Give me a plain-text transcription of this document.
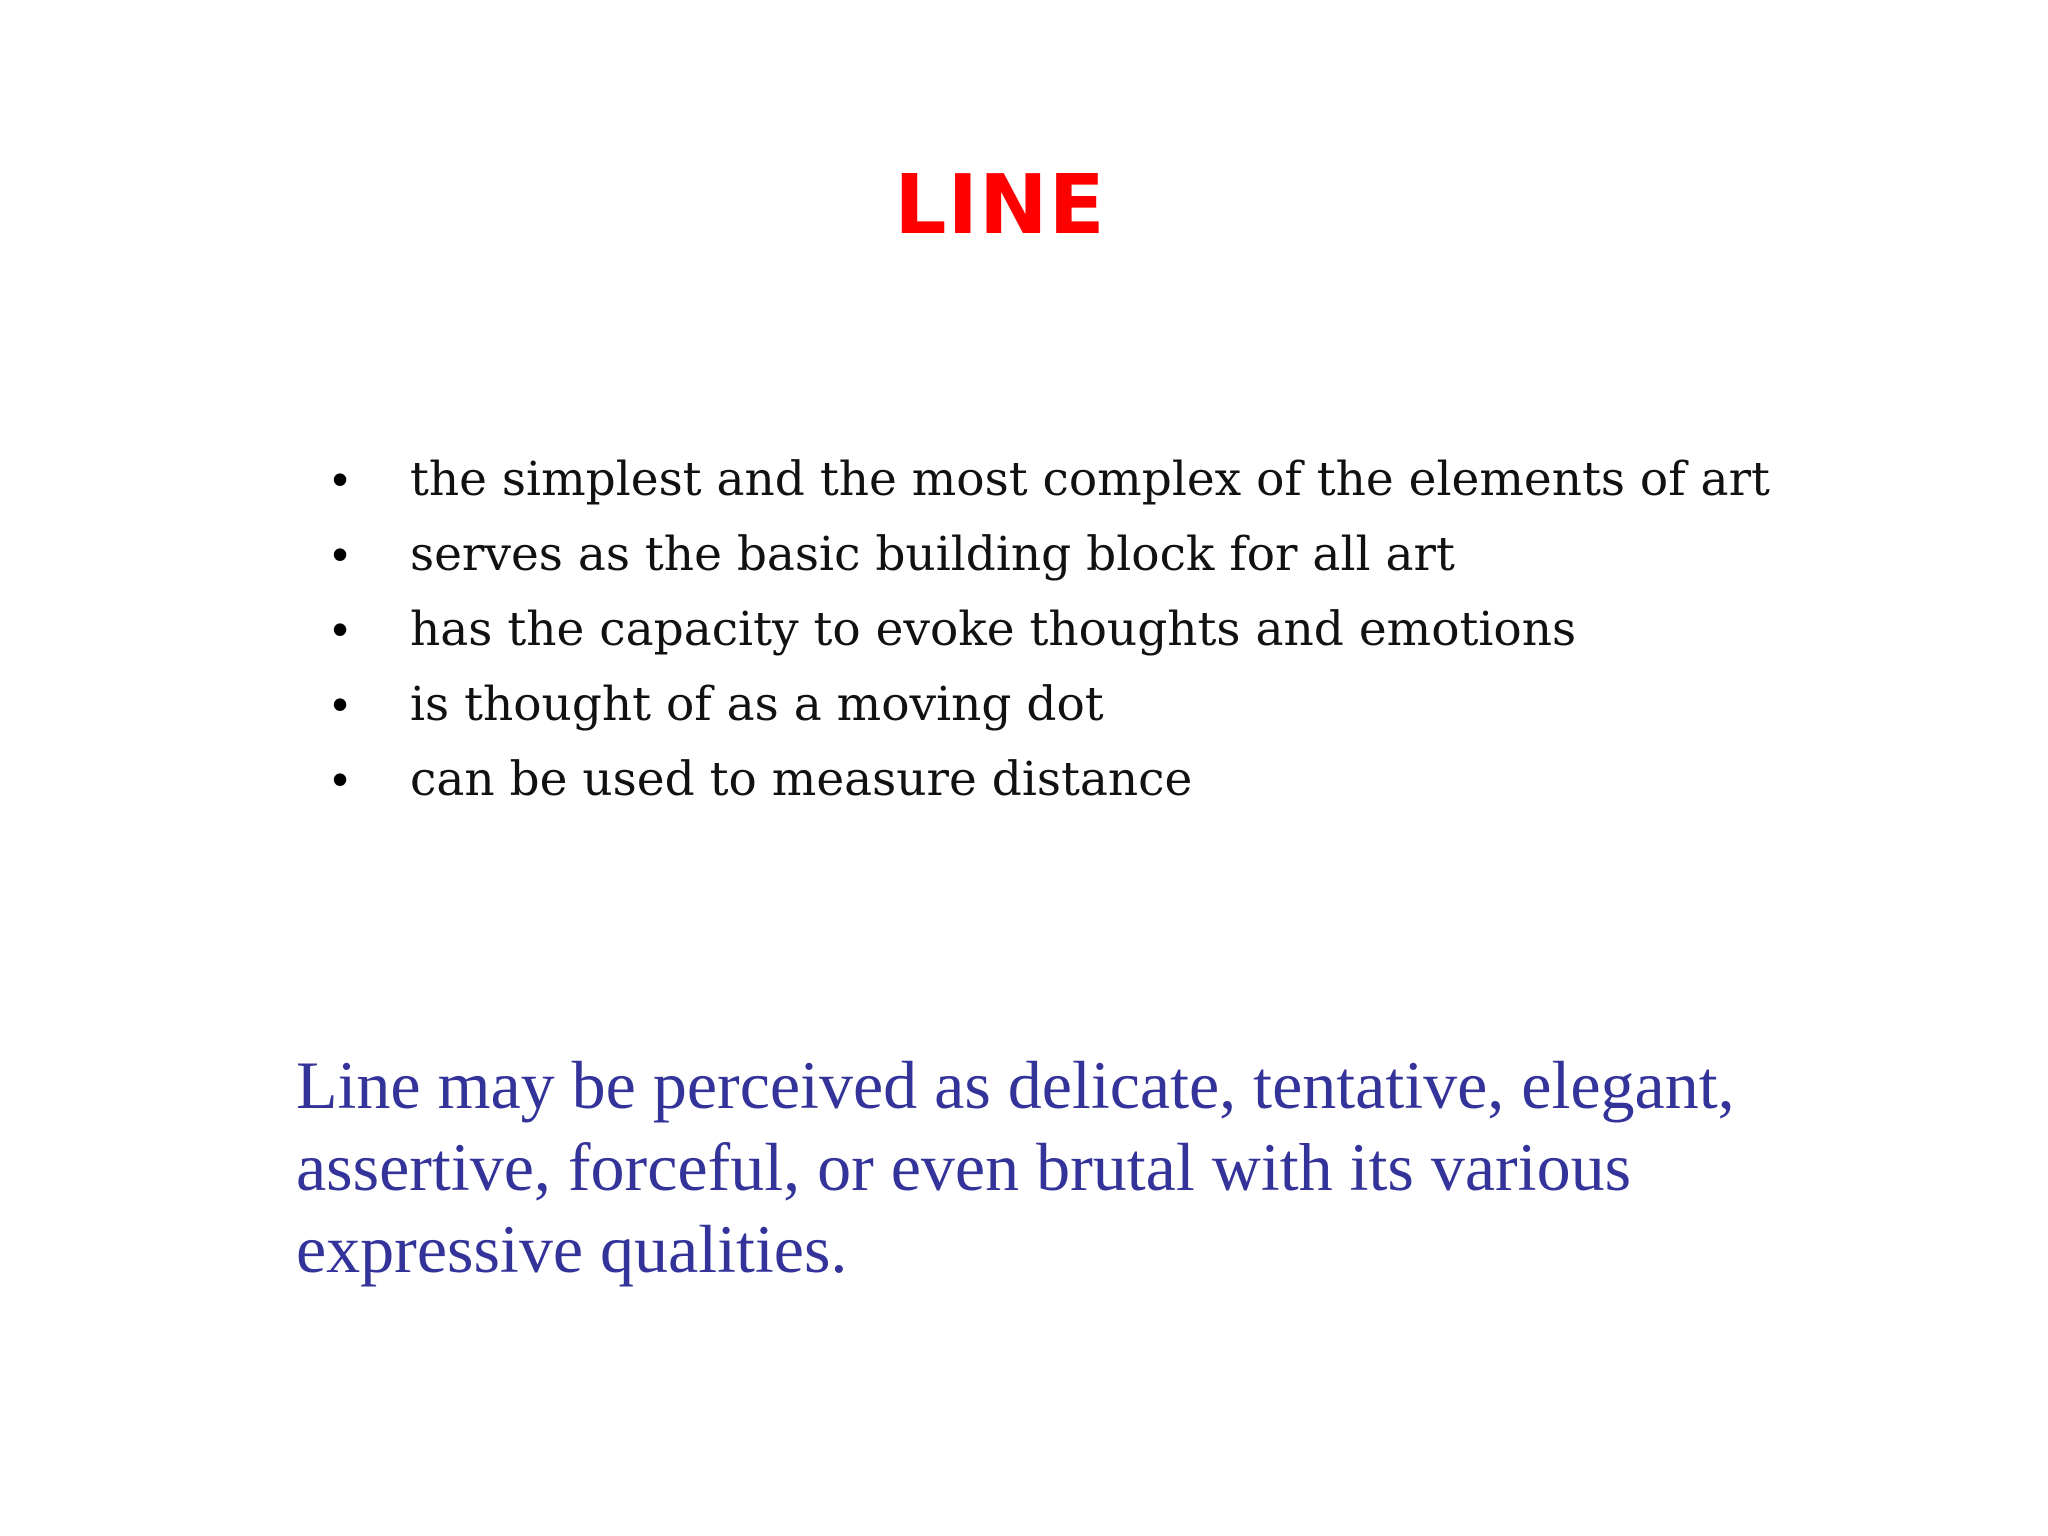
LINE
• the simplest and the most complex of the elements of art
• serves as the basic building block for all art
• has the capacity to evoke thoughts and emotions
• is thought of as a moving dot
• can be used to measure distance
Line may be perceived as delicate, tentative, elegant, assertive, forceful, or even brutal with its various expressive qualities.
